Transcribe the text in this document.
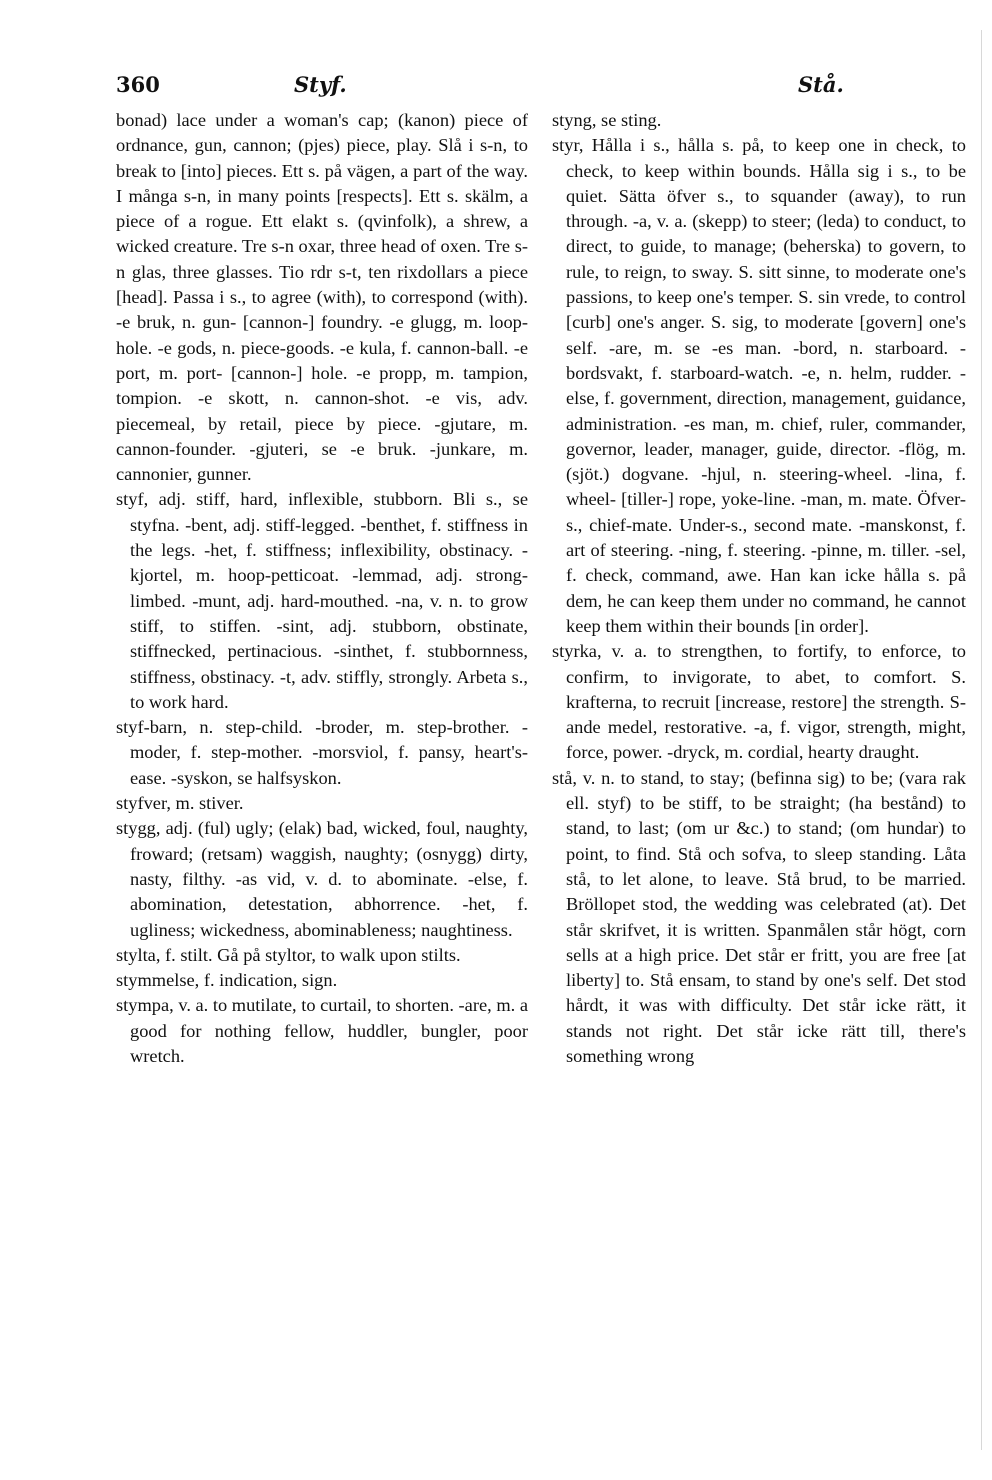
360	Styf.	Stå.

bonad) lace under a woman's cap; (kanon) piece of ordnance, gun, cannon; (pjes) piece, play. Slå i s-n, to break to [into] pieces. Ett s. på vägen, a part of the way. I många s-n, in many points [respects]. Ett s. skälm, a piece of a rogue. Ett elakt s. (qvinfolk), a shrew, a wicked creature. Tre s-n oxar, three head of oxen. Tre s-n glas, three glasses. Tio rdr s-t, ten rixdollars a piece [head]. Passa i s., to agree (with), to correspond (with). -e bruk, n. gun- [cannon-] foundry. -e glugg, m. loop-hole. -e gods, n. piece-goods. -e kula, f. cannon-ball. -e port, m. port- [cannon-] hole. -e propp, m. tampion, tompion. -e skott, n. cannon-shot. -e vis, adv. piecemeal, by retail, piece by piece. -gjutare, m. cannon-founder. -gjuteri, se -e bruk. -junkare, m. cannonier, gunner.

styf, adj. stiff, hard, inflexible, stubborn. Bli s., se styfna. -bent, adj. stiff-legged. -benthet, f. stiffness in the legs. -het, f. stiffness; inflexibility, obstinacy. -kjortel, m. hoop-petticoat. -lemmad, adj. strong-limbed. -munt, adj. hard-mouthed. -na, v. n. to grow stiff, to stiffen. -sint, adj. stubborn, obstinate, stiffnecked, pertinacious. -sinthet, f. stubbornness, stiffness, obstinacy. -t, adv. stiffly, strongly. Arbeta s., to work hard.

styf-barn, n. step-child. -broder, m. step-brother. -moder, f. step-mother. -morsviol, f. pansy, heart's-ease. -syskon, se halfsyskon.

styfver, m. stiver.

stygg, adj. (ful) ugly; (elak) bad, wicked, foul, naughty, froward; (retsam) waggish, naughty; (osnygg) dirty, nasty, filthy. -as vid, v. d. to abominate. -else, f. abomination, detestation, abhorrence. -het, f. ugliness; wickedness, abominableness; naughtiness.

stylta, f. stilt. Gå på styltor, to walk upon stilts.

stymmelse, f. indication, sign.

stympa, v. a. to mutilate, to curtail, to shorten. -are, m. a good for nothing fellow, huddler, bungler, poor wretch.

styng, se sting.

styr, Hålla i s., hålla s. på, to keep one in check, to check, to keep within bounds. Hålla sig i s., to be quiet. Sätta öfver s., to squander (away), to run through. -a, v. a. (skepp) to steer; (leda) to conduct, to direct, to guide, to manage; (beherska) to govern, to rule, to reign, to sway. S. sitt sinne, to moderate one's passions, to keep one's temper. S. sin vrede, to control [curb] one's anger. S. sig, to moderate [govern] one's self. -are, m. se -es man. -bord, n. starboard. -bordsvakt, f. starboard-watch. -e, n. helm, rudder. -else, f. government, direction, management, guidance, administration. -es man, m. chief, ruler, commander, governor, leader, manager, guide, director. -flög, m. (sjöt.) dogvane. -hjul, n. steering-wheel. -lina, f. wheel- [tiller-] rope, yoke-line. -man, m. mate. Öfver-s., chief-mate. Under-s., second mate. -manskonst, f. art of steering. -ning, f. steering. -pinne, m. tiller. -sel, f. check, command, awe. Han kan icke hålla s. på dem, he can keep them under no command, he cannot keep them within their bounds [in order].

styrka, v. a. to strengthen, to fortify, to enforce, to confirm, to invigorate, to abet, to comfort. S. krafterna, to recruit [increase, restore] the strength. S-ande medel, restorative. -a, f. vigor, strength, might, force, power. -dryck, m. cordial, hearty draught.

stå, v. n. to stand, to stay; (befinna sig) to be; (vara rak ell. styf) to be stiff, to be straight; (ha bestånd) to stand, to last; (om ur &c.) to stand; (om hundar) to point, to find. Stå och sofva, to sleep standing. Låta stå, to let alone, to leave. Stå brud, to be married. Bröllopet stod, the wedding was celebrated (at). Det står skrifvet, it is written. Spanmålen står högt, corn sells at a high price. Det står er fritt, you are free [at liberty] to. Stå ensam, to stand by one's self. Det stod hårdt, it was with difficulty. Det står icke rätt, it stands not right. Det står icke rätt till, there's something wrong
